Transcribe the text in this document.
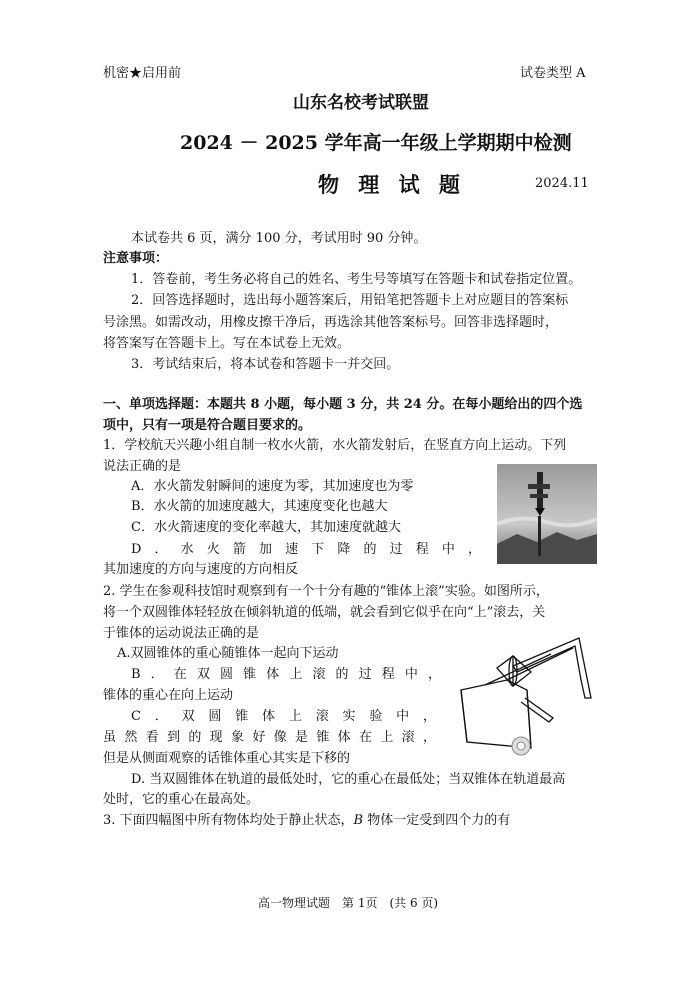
机密★启用前	试卷类型 A
山东名校考试联盟
2024 － 2025 学年高一年级上学期期中检测
物 理 试 题	2024.11
本试卷共 6 页，满分 100 分，考试用时 90 分钟。
注意事项：
1．答卷前，考生务必将自己的姓名、考生号等填写在答题卡和试卷指定位置。
2．回答选择题时，选出每小题答案后，用铅笔把答题卡上对应题目的答案标
号涂黑。如需改动，用橡皮擦干净后，再选涂其他答案标号。回答非选择题时，
将答案写在答题卡上。写在本试卷上无效。
3．考试结束后，将本试卷和答题卡一并交回。
一、单项选择题：本题共 8 小题，每小题 3 分，共 24 分。在每小题给出的四个选
项中，只有一项是符合题目要求的。
1．学校航天兴趣小组自制一枚水火箭，水火箭发射后，在竖直方向上运动。下列
说法正确的是
A．水火箭发射瞬间的速度为零，其加速度也为零
B．水火箭的加速度越大，其速度变化也越大
C．水火箭速度的变化率越大，其加速度就越大
D．水火箭加速下降的过程中，
其加速度的方向与速度的方向相反
2. 学生在参观科技馆时观察到有一个十分有趣的“锥体上滚”实验。如图所示，
将一个双圆锥体轻轻放在倾斜轨道的低端，就会看到它似乎在向“上”滚去，关
于锥体的运动说法正确的是
A.双圆锥体的重心随锥体一起向下运动
B．在双圆锥体上滚的过程中，
锥体的重心在向上运动
C．双圆锥体上滚实验中，
虽然看到的现象好像是锥体在上滚，
但是从侧面观察的话锥体重心其实是下移的
D. 当双圆锥体在轨道的最低处时，它的重心在最低处；当双锥体在轨道最高
处时，它的重心在最高处。
3. 下面四幅图中所有物体均处于静止状态，B 物体一定受到四个力的有
高一物理试题　第 1页　(共 6 页)
